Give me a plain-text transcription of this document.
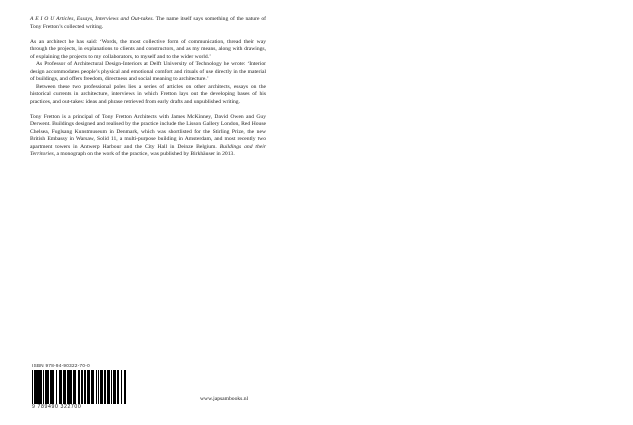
A E I O U Articles, Essays, Interviews and Out-takes. The name itself says something of the nature of Tony Fretton’s collected writing.

As an architect he has said: ‘Words, the most collective form of communication, thread their way through the projects, in explanations to clients and constructors, and as my means, along with drawings, of explaining the projects to my collaborators, to myself and to the wider world.’

As Professor of Architectural Design-Interiors at Delft University of Technology he wrote: ‘Interior design accommodates people’s physical and emotional comfort and rituals of use directly in the material of buildings, and offers freedom, directness and social meaning to architecture.’

Between these two professional poles lies a series of articles on other architects, essays on the historical currents in architecture, interviews in which Fretton lays out the developing bases of his practices, and out-takes: ideas and phrase retrieved from early drafts and unpublished writing.

Tony Fretton is a principal of Tony Fretton Architects with James McKinney, David Owen and Guy Derwent. Buildings designed and realised by the practice include the Lisson Gallery London, Red House Chelsea, Fuglsang Kunstmuseum in Denmark, which was shortlisted for the Stirling Prize, the new British Embassy in Warsaw, Solid 11, a multi-purpose building in Amsterdam, and most recently two apartment towers in Antwerp Harbour and the City Hall in Deinze Belgium. Buildings and their Territories, a monograph on the work of the practice, was published by Birkhäuser in 2013.

ISBN 978-94-90322-70-0
9 789490 322700
www.japsambooks.nl
